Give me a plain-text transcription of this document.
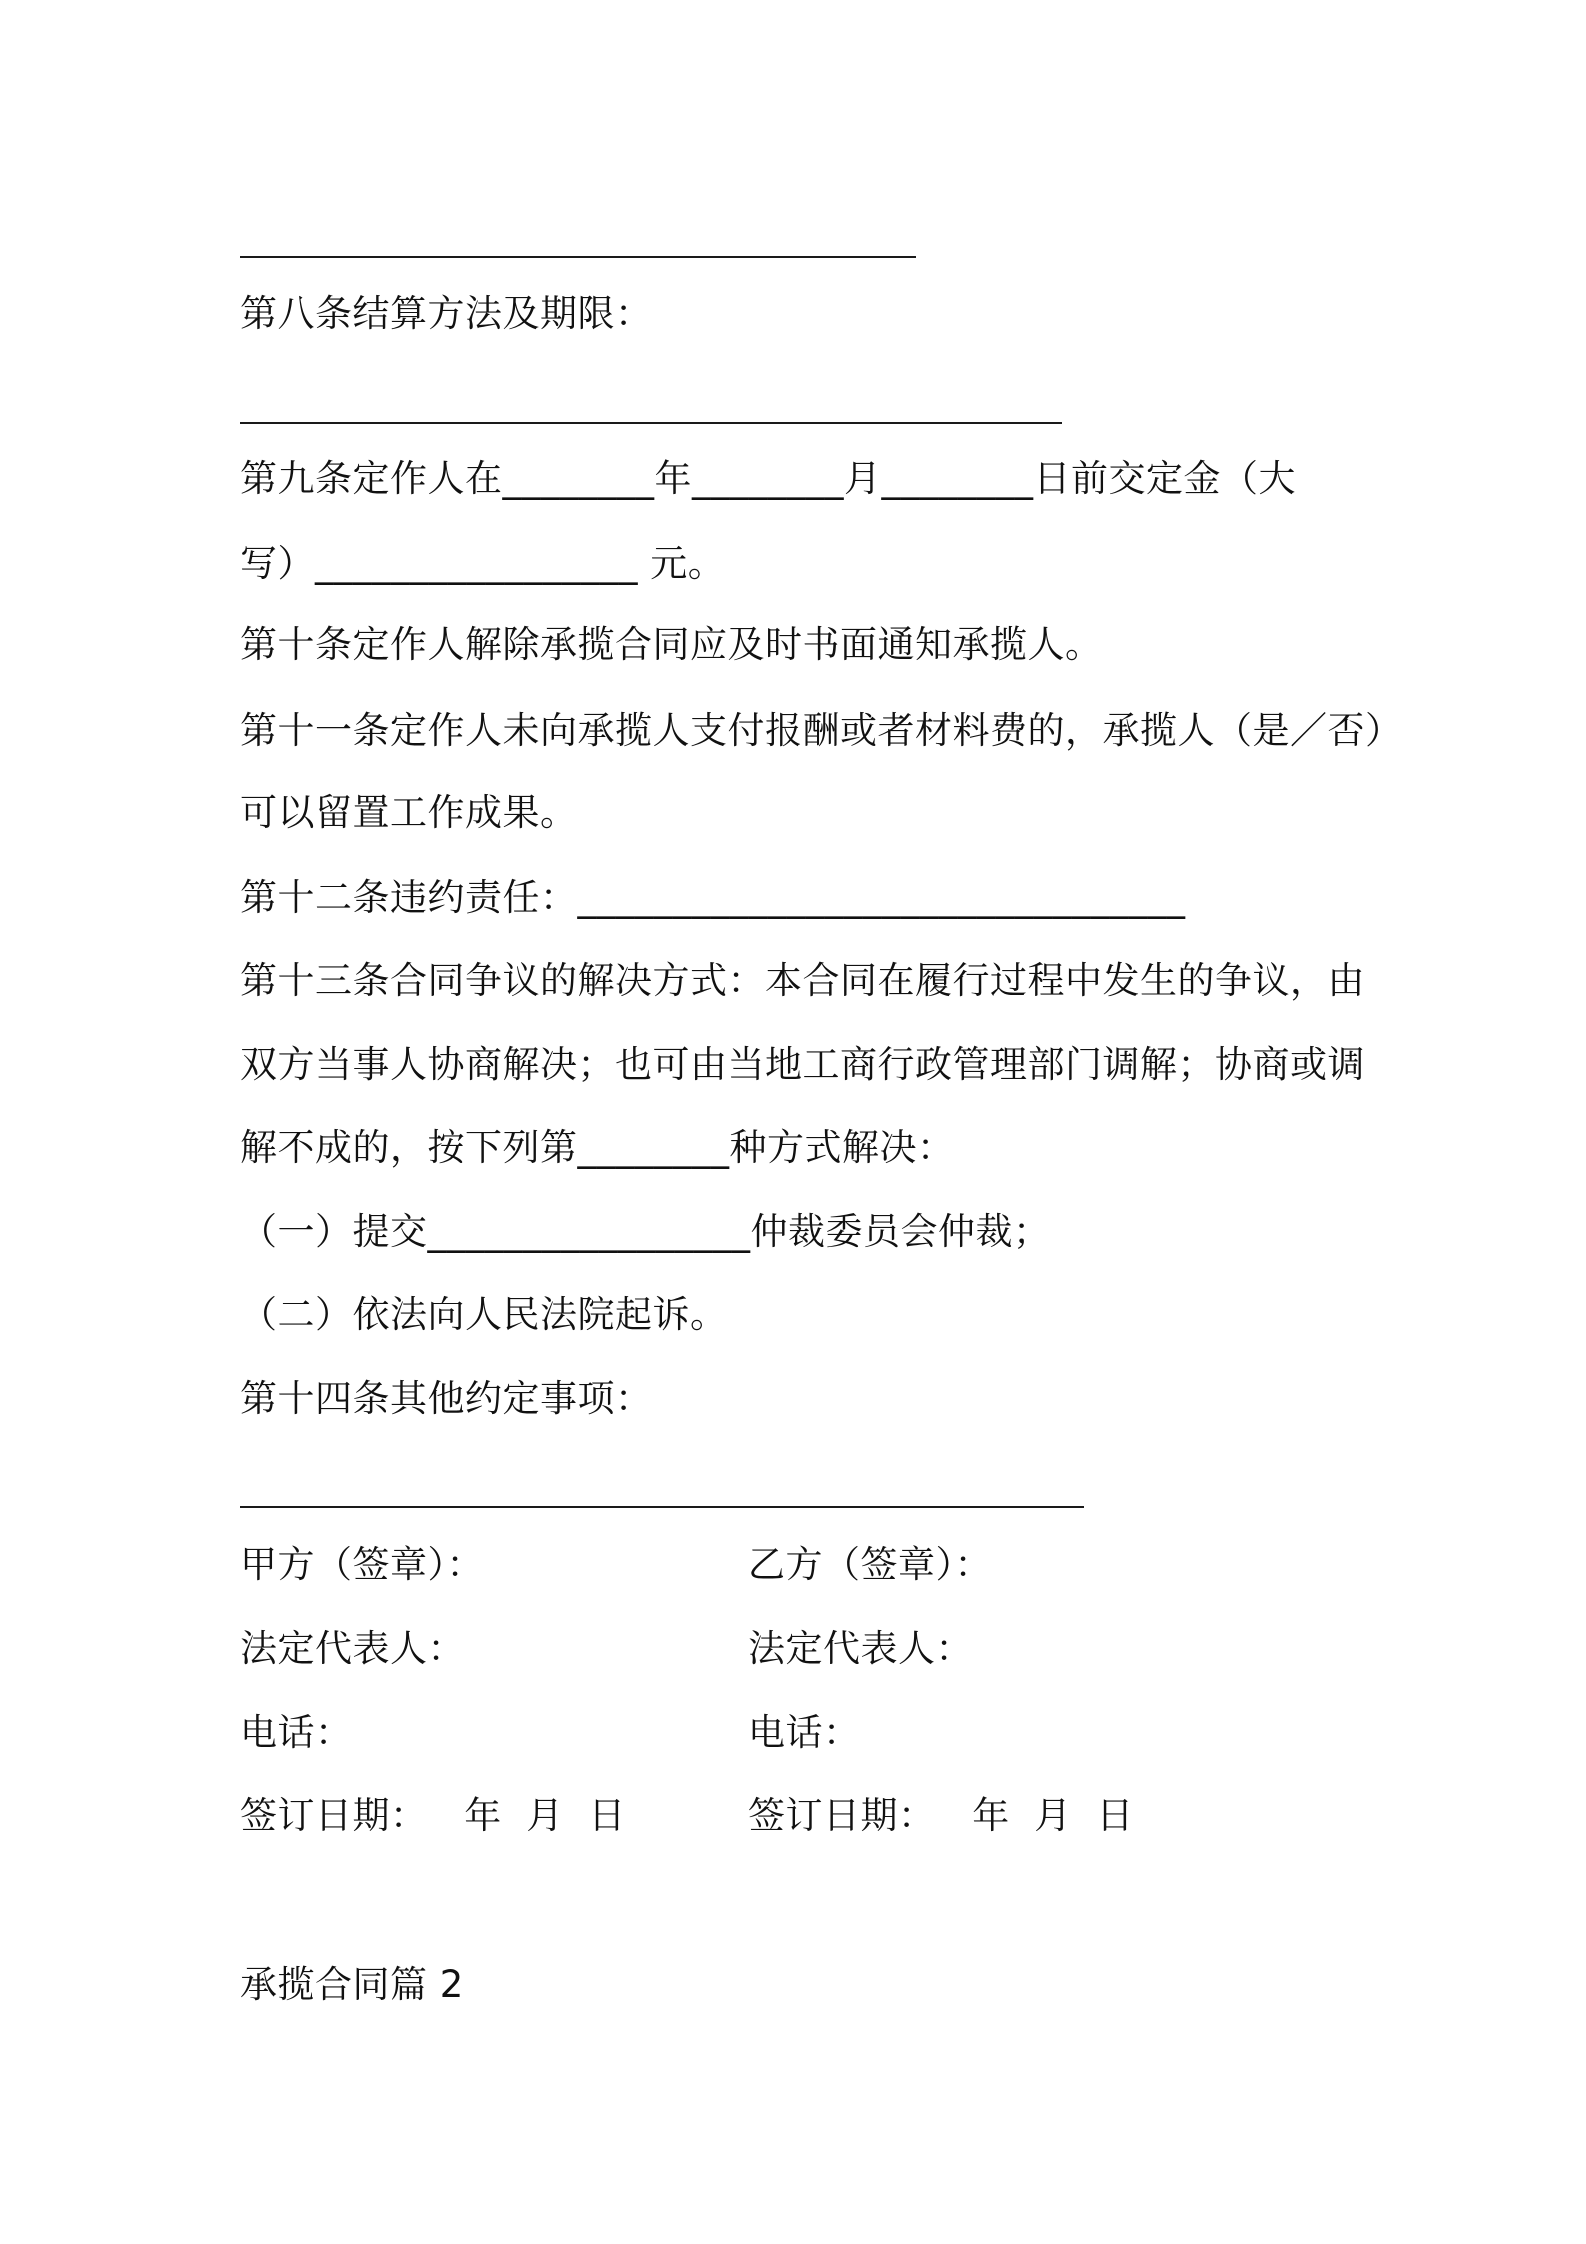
第八条结算方法及期限：
第九条定作人在________年________月________日前交定金（大
写）_________________ 元。
第十条定作人解除承揽合同应及时书面通知承揽人。
第十一条定作人未向承揽人支付报酬或者材料费的，承揽人（是／否）
可以留置工作成果。
第十二条违约责任：________________________________
第十三条合同争议的解决方式：本合同在履行过程中发生的争议，由
双方当事人协商解决；也可由当地工商行政管理部门调解；协商或调
解不成的，按下列第________种方式解决：
（一）提交_________________仲裁委员会仲裁；
（二）依法向人民法院起诉。
第十四条其他约定事项：
甲方（签章）：	乙方（签章）：
法定代表人：	法定代表人：
电话：	电话：
签订日期：   年  月  日	签订日期：   年  月  日
承揽合同篇 2
